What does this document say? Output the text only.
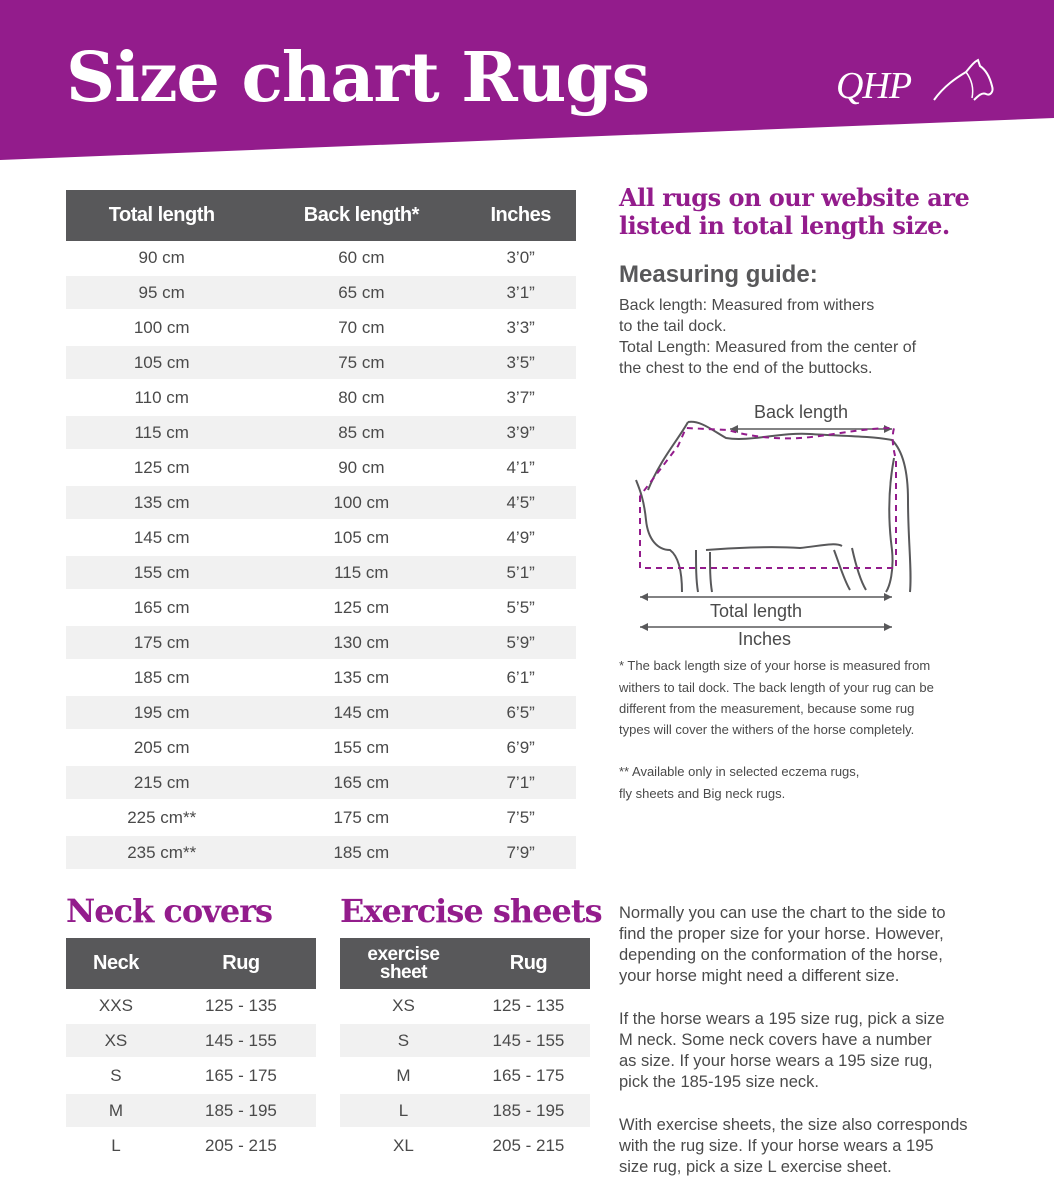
Size chart Rugs	QHP
Total length	Back length*	Inches
90 cm	60 cm	3’0”
95 cm	65 cm	3’1”
100 cm	70 cm	3’3”
105 cm	75 cm	3’5”
110 cm	80 cm	3’7”
115 cm	85 cm	3’9”
125 cm	90 cm	4’1”
135 cm	100 cm	4’5”
145 cm	105 cm	4’9”
155 cm	115 cm	5’1”
165 cm	125 cm	5’5”
175 cm	130 cm	5’9”
185 cm	135 cm	6’1”
195 cm	145 cm	6’5”
205 cm	155 cm	6’9”
215 cm	165 cm	7’1”
225 cm**	175 cm	7’5”
235 cm**	185 cm	7’9”
All rugs on our website are
listed in total length size.
Measuring guide:
Back length: Measured from withers
to the tail dock.
Total Length: Measured from the center of
the chest to the end of the buttocks.
Back length
Total length
Inches
* The back length size of your horse is measured from
withers to tail dock. The back length of your rug can be
different from the measurement, because some rug
types will cover the withers of the horse completely.
** Available only in selected eczema rugs,
fly sheets and Big neck rugs.
Neck covers
Neck	Rug
XXS	125 - 135
XS	145 - 155
S	165 - 175
M	185 - 195
L	205 - 215
Exercise sheets
exercise
sheet	Rug
XS	125 - 135
S	145 - 155
M	165 - 175
L	185 - 195
XL	205 - 215
Normally you can use the chart to the side to
find the proper size for your horse. However,
depending on the conformation of the horse,
your horse might need a different size.
If the horse wears a 195 size rug, pick a size
M neck. Some neck covers have a number
as size. If your horse wears a 195 size rug,
pick the 185-195 size neck.
With exercise sheets, the size also corresponds
with the rug size. If your horse wears a 195
size rug, pick a size L exercise sheet.
